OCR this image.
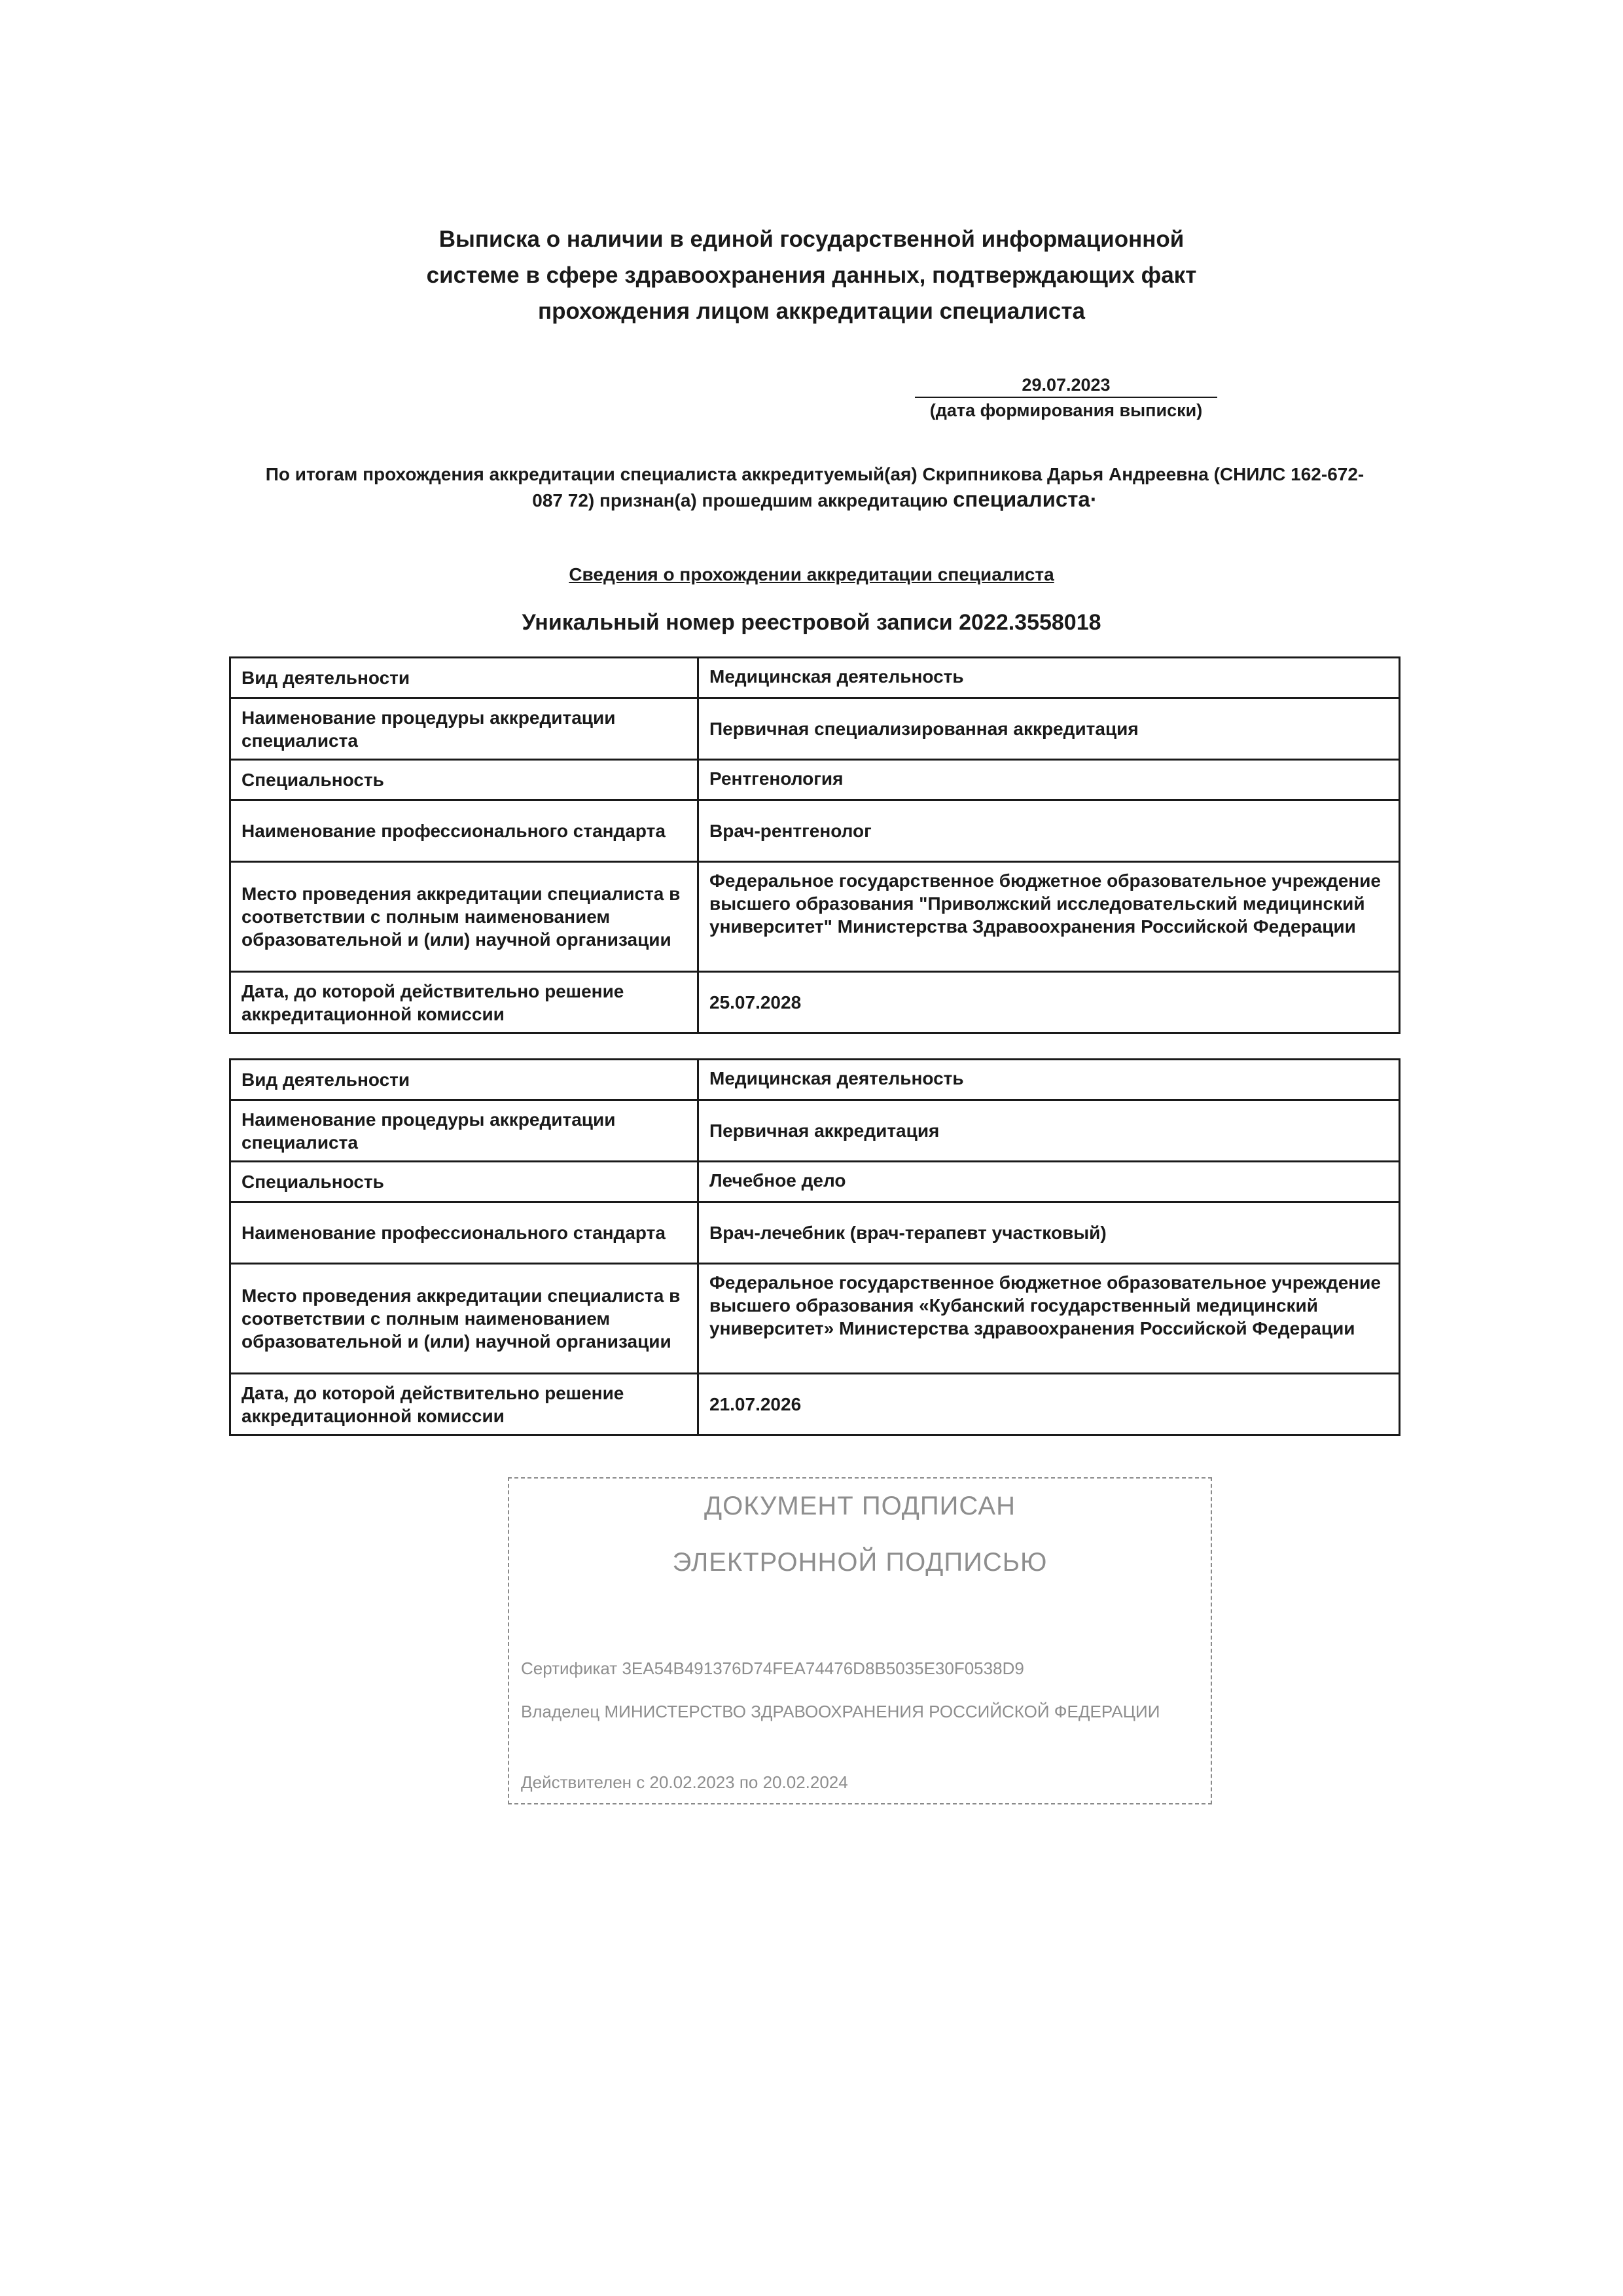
Выписка о наличии в единой государственной информационной
системе в сфере здравоохранения данных, подтверждающих факт
прохождения лицом аккредитации специалиста
29.07.2023
(дата формирования выписки)
По итогам прохождения аккредитации специалиста аккредитуемый(ая) Скрипникова Дарья Андреевна (СНИЛС 162-672-
087 72) признан(а) прошедшим аккредитацию специалиста·
Сведения о прохождении аккредитации специалиста
Уникальный номер реестровой записи 2022.3558018
Вид деятельности	Медицинская деятельность
Наименование процедуры аккредитации специалиста	Первичная специализированная аккредитация
Специальность	Рентгенология
Наименование профессионального стандарта	Врач-рентгенолог
Место проведения аккредитации специалиста в соответствии с полным наименованием образовательной и (или) научной организации	Федеральное государственное бюджетное образовательное учреждение высшего образования "Приволжский исследовательский медицинский университет" Министерства Здравоохранения Российской Федерации
Дата, до которой действительно решение аккредитационной комиссии	25.07.2028
Вид деятельности	Медицинская деятельность
Наименование процедуры аккредитации специалиста	Первичная аккредитация
Специальность	Лечебное дело
Наименование профессионального стандарта	Врач-лечебник (врач-терапевт участковый)
Место проведения аккредитации специалиста в соответствии с полным наименованием образовательной и (или) научной организации	Федеральное государственное бюджетное образовательное учреждение высшего образования «Кубанский государственный медицинский университет» Министерства здравоохранения Российской Федерации
Дата, до которой действительно решение аккредитационной комиссии	21.07.2026
ДОКУМЕНТ ПОДПИСАН
ЭЛЕКТРОННОЙ ПОДПИСЬЮ
Сертификат 3EA54B491376D74FEA74476D8B5035E30F0538D9
Владелец МИНИСТЕРСТВО ЗДРАВООХРАНЕНИЯ РОССИЙСКОЙ ФЕДЕРАЦИИ
Действителен с 20.02.2023 по 20.02.2024
